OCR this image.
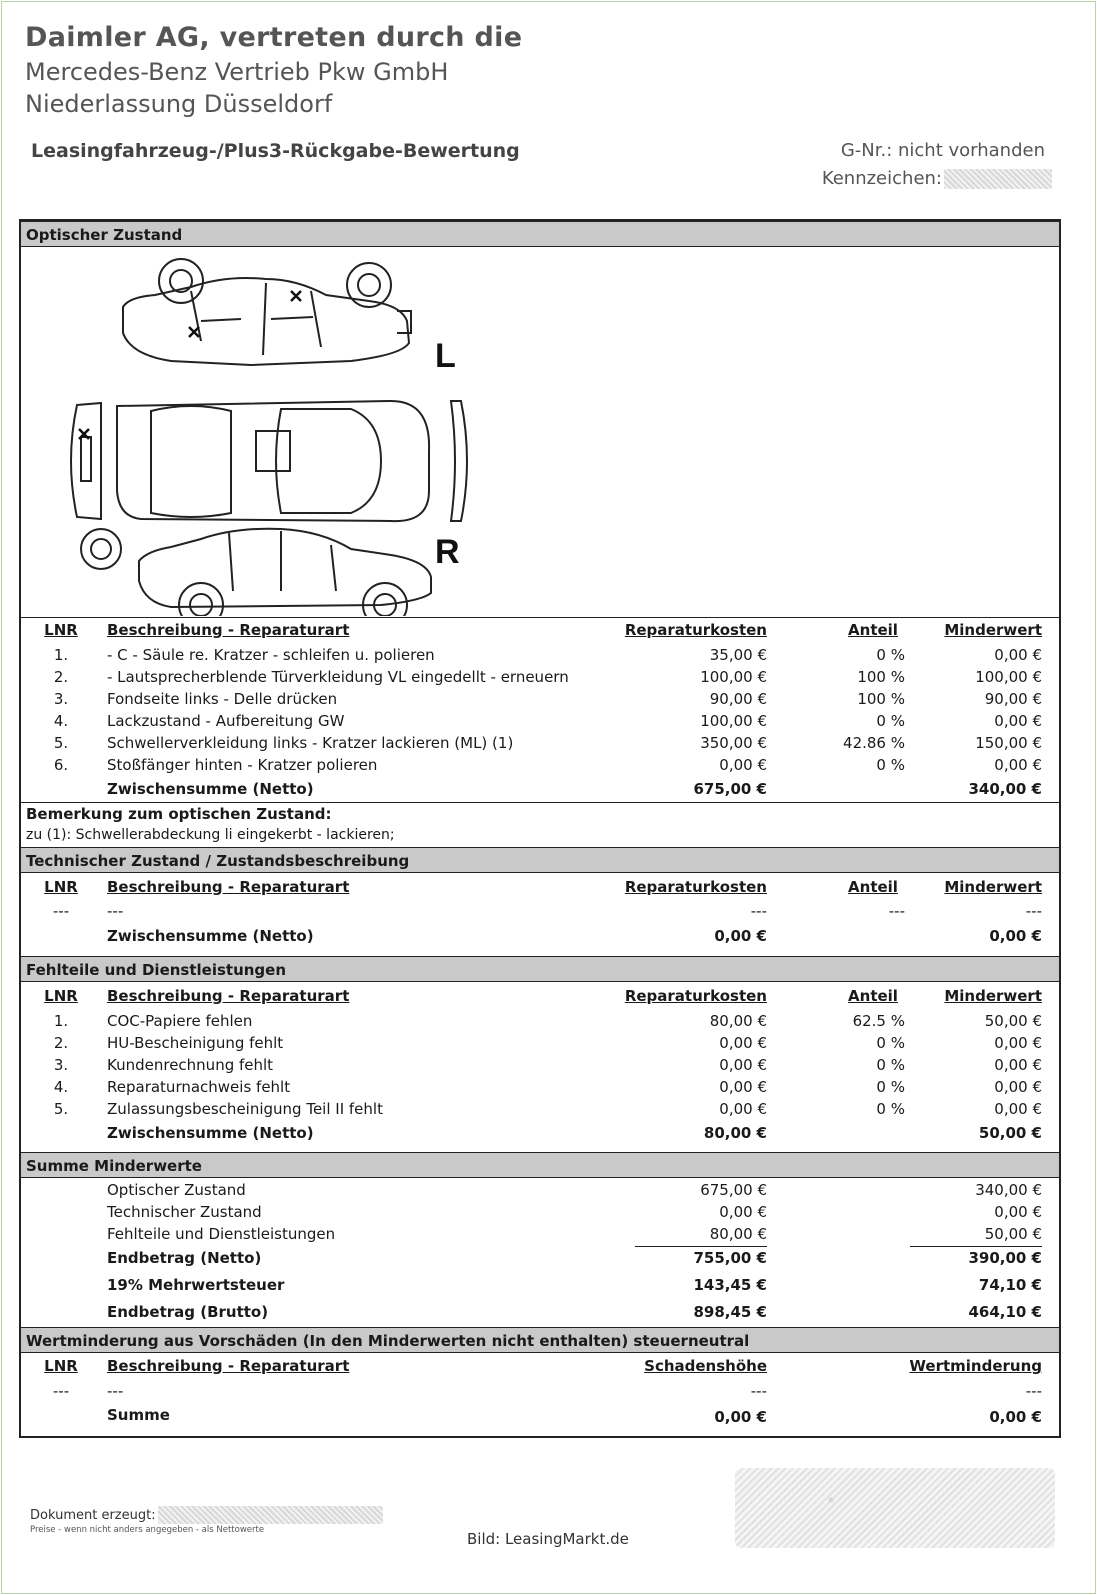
Daimler AG, vertreten durch die
Mercedes-Benz Vertrieb Pkw GmbH
Niederlassung Düsseldorf
Leasingfahrzeug-/Plus3-Rückgabe-Bewertung	G-Nr.: nicht vorhanden
Kennzeichen:
Optischer Zustand
L
R
LNR	Beschreibung - Reparaturart	Reparaturkosten	Anteil	Minderwert
1.	- C - Säule re. Kratzer - schleifen u. polieren	35,00 €	0 %	0,00 €
2.	- Lautsprecherblende Türverkleidung VL eingedellt - erneuern	100,00 €	100 %	100,00 €
3.	Fondseite links - Delle drücken	90,00 €	100 %	90,00 €
4.	Lackzustand - Aufbereitung GW	100,00 €	0 %	0,00 €
5.	Schwellerverkleidung links - Kratzer lackieren (ML) (1)	350,00 €	42.86 %	150,00 €
6.	Stoßfänger hinten - Kratzer polieren	0,00 €	0 %	0,00 €
Zwischensumme (Netto)	675,00 €	340,00 €
Bemerkung zum optischen Zustand:
zu (1): Schwellerabdeckung li eingekerbt - lackieren;
Technischer Zustand / Zustandsbeschreibung
LNR	Beschreibung - Reparaturart	Reparaturkosten	Anteil	Minderwert
---	---	---	---	---
Zwischensumme (Netto)	0,00 €	0,00 €
Fehlteile und Dienstleistungen
LNR	Beschreibung - Reparaturart	Reparaturkosten	Anteil	Minderwert
1.	COC-Papiere fehlen	80,00 €	62.5 %	50,00 €
2.	HU-Bescheinigung fehlt	0,00 €	0 %	0,00 €
3.	Kundenrechnung fehlt	0,00 €	0 %	0,00 €
4.	Reparaturnachweis fehlt	0,00 €	0 %	0,00 €
5.	Zulassungsbescheinigung Teil II fehlt	0,00 €	0 %	0,00 €
Zwischensumme (Netto)	80,00 €	50,00 €
Summe Minderwerte
Optischer Zustand	675,00 €	340,00 €
Technischer Zustand	0,00 €	0,00 €
Fehlteile und Dienstleistungen	80,00 €	50,00 €
Endbetrag (Netto)	755,00 €	390,00 €
19% Mehrwertsteuer	143,45 €	74,10 €
Endbetrag (Brutto)	898,45 €	464,10 €
Wertminderung aus Vorschäden (In den Minderwerten nicht enthalten) steuerneutral
LNR	Beschreibung - Reparaturart	Schadenshöhe	Wertminderung
---	---	---	---
Summe	0,00 €	0,00 €
Dokument erzeugt:
Preise - wenn nicht anders angegeben - als Nettowerte	Bild: LeasingMarkt.de
